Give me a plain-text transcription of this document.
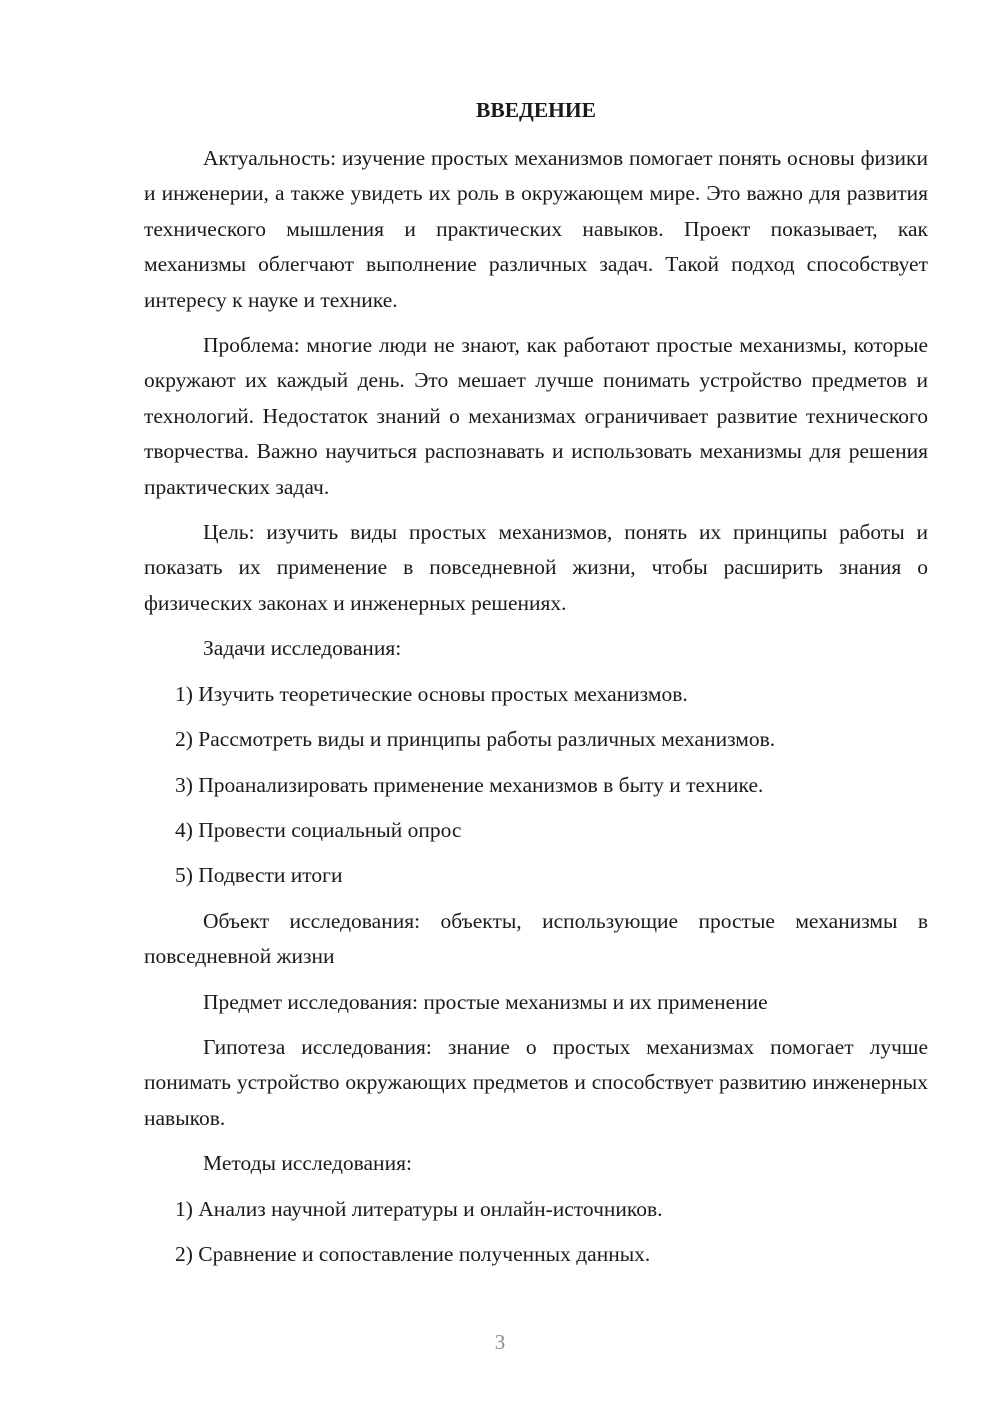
ВВЕДЕНИЕ

Актуальность: изучение простых механизмов помогает понять основы физики и инженерии, а также увидеть их роль в окружающем мире. Это важно для развития технического мышления и практических навыков. Проект показывает, как механизмы облегчают выполнение различных задач. Такой подход способствует интересу к науке и технике.

Проблема: многие люди не знают, как работают простые механизмы, которые окружают их каждый день. Это мешает лучше понимать устройство предметов и технологий. Недостаток знаний о механизмах ограничивает развитие технического творчества. Важно научиться распознавать и использовать механизмы для решения практических задач.

Цель: изучить виды простых механизмов, понять их принципы работы и показать их применение в повседневной жизни, чтобы расширить знания о физических законах и инженерных решениях.

Задачи исследования:
1) Изучить теоретические основы простых механизмов.
2) Рассмотреть виды и принципы работы различных механизмов.
3) Проанализировать применение механизмов в быту и технике.
4) Провести социальный опрос
5) Подвести итоги

Объект исследования: объекты, использующие простые механизмы в повседневной жизни

Предмет исследования: простые механизмы и их применение

Гипотеза исследования: знание о простых механизмах помогает лучше понимать устройство окружающих предметов и способствует развитию инженерных навыков.

Методы исследования:
1) Анализ научной литературы и онлайн-источников.
2) Сравнение и сопоставление полученных данных.
3
